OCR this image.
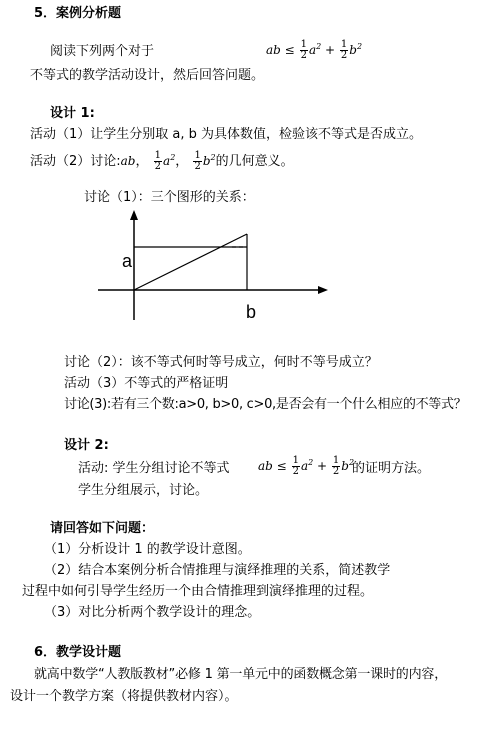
5．案例分析题
阅读下列两个对于	ab ≤ $\frac{1}{2} a^2 + \frac{1}{2} b^2$
不等式的教学活动设计，然后回答问题。
设计 1:
活动（1）让学生分别取 a, b 为具体数值，检验该不等式是否成立。
活动（2）讨论:ab， $\frac{1}{2} a^2$， $\frac{1}{2} b^2$的几何意义。
讨论（1）：三个图形的关系：
a
b
讨论（2）：该不等式何时等号成立，何时不等号成立？
活动（3）不等式的严格证明
讨论(3):若有三个数:a>0, b>0, c>0,是否会有一个什么相应的不等式？
设计 2:
活动: 学生分组讨论不等式 ab ≤ $\frac{1}{2} a^2 + \frac{1}{2} b^2$
的证明方法。
学生分组展示，讨论。
请回答如下问题：
（1）分析设计 1 的教学设计意图。
（2）结合本案例分析合情推理与演绎推理的关系，简述教学
过程中如何引导学生经历一个由合情推理到演绎推理的过程。
（3）对比分析两个教学设计的理念。
6．教学设计题
就高中数学“人教版教材”必修 1 第一单元中的函数概念第一课时的内容，
设计一个教学方案（将提供教材内容）。
